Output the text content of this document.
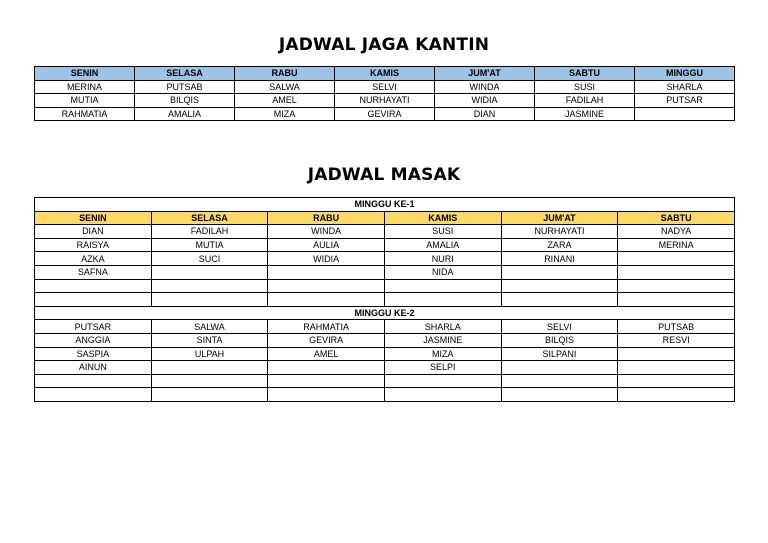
JADWAL JAGA KANTIN
SENIN	SELASA	RABU	KAMIS	JUM'AT	SABTU	MINGGU
MERINA	PUTSAB	SALWA	SELVI	WINDA	SUSI	SHARLA
MUTIA	BILQIS	AMEL	NURHAYATI	WIDIA	FADILAH	PUTSAR
RAHMATIA	AMALIA	MIZA	GEVIRA	DIAN	JASMINE	
JADWAL MASAK
MINGGU KE-1					
SENIN	SELASA	RABU	KAMIS	JUM'AT	SABTU
DIAN	FADILAH	WINDA	SUSI	NURHAYATI	NADYA
RAISYA	MUTIA	AULIA	AMALIA	ZARA	MERINA
AZKA	SUCI	WIDIA	NURI	RINANI	
SAFNA			NIDA		

MINGGU KE-2					
PUTSAR	SALWA	RAHMATIA	SHARLA	SELVI	PUTSAB
ANGGIA	SINTA	GEVIRA	JASMINE	BILQIS	RESVI
SASPIA	ULPAH	AMEL	MIZA	SILPANI	
AINUN			SELPI		
